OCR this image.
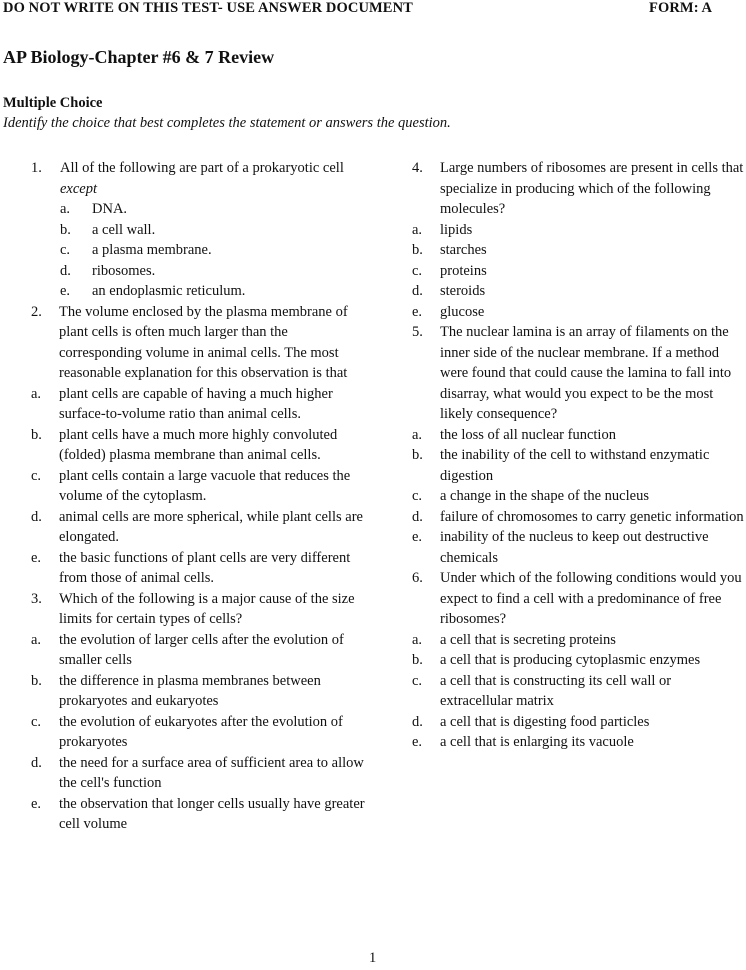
DO NOT WRITE ON THIS TEST- USE ANSWER DOCUMENT	FORM: A
AP Biology-Chapter #6 & 7 Review
Multiple Choice
Identify the choice that best completes the statement or answers the question.
1. All of the following are part of a prokaryotic cell except
a. DNA.
b. a cell wall.
c. a plasma membrane.
d. ribosomes.
e. an endoplasmic reticulum.
2. The volume enclosed by the plasma membrane of plant cells is often much larger than the corresponding volume in animal cells. The most reasonable explanation for this observation is that
a. plant cells are capable of having a much higher surface-to-volume ratio than animal cells.
b. plant cells have a much more highly convoluted (folded) plasma membrane than animal cells.
c. plant cells contain a large vacuole that reduces the volume of the cytoplasm.
d. animal cells are more spherical, while plant cells are elongated.
e. the basic functions of plant cells are very different from those of animal cells.
3. Which of the following is a major cause of the size limits for certain types of cells?
a. the evolution of larger cells after the evolution of smaller cells
b. the difference in plasma membranes between prokaryotes and eukaryotes
c. the evolution of eukaryotes after the evolution of prokaryotes
d. the need for a surface area of sufficient area to allow the cell's function
e. the observation that longer cells usually have greater cell volume
4. Large numbers of ribosomes are present in cells that specialize in producing which of the following molecules?
a. lipids
b. starches
c. proteins
d. steroids
e. glucose
5. The nuclear lamina is an array of filaments on the inner side of the nuclear membrane. If a method were found that could cause the lamina to fall into disarray, what would you expect to be the most likely consequence?
a. the loss of all nuclear function
b. the inability of the cell to withstand enzymatic digestion
c. a change in the shape of the nucleus
d. failure of chromosomes to carry genetic information
e. inability of the nucleus to keep out destructive chemicals
6. Under which of the following conditions would you expect to find a cell with a predominance of free ribosomes?
a. a cell that is secreting proteins
b. a cell that is producing cytoplasmic enzymes
c. a cell that is constructing its cell wall or extracellular matrix
d. a cell that is digesting food particles
e. a cell that is enlarging its vacuole
1
